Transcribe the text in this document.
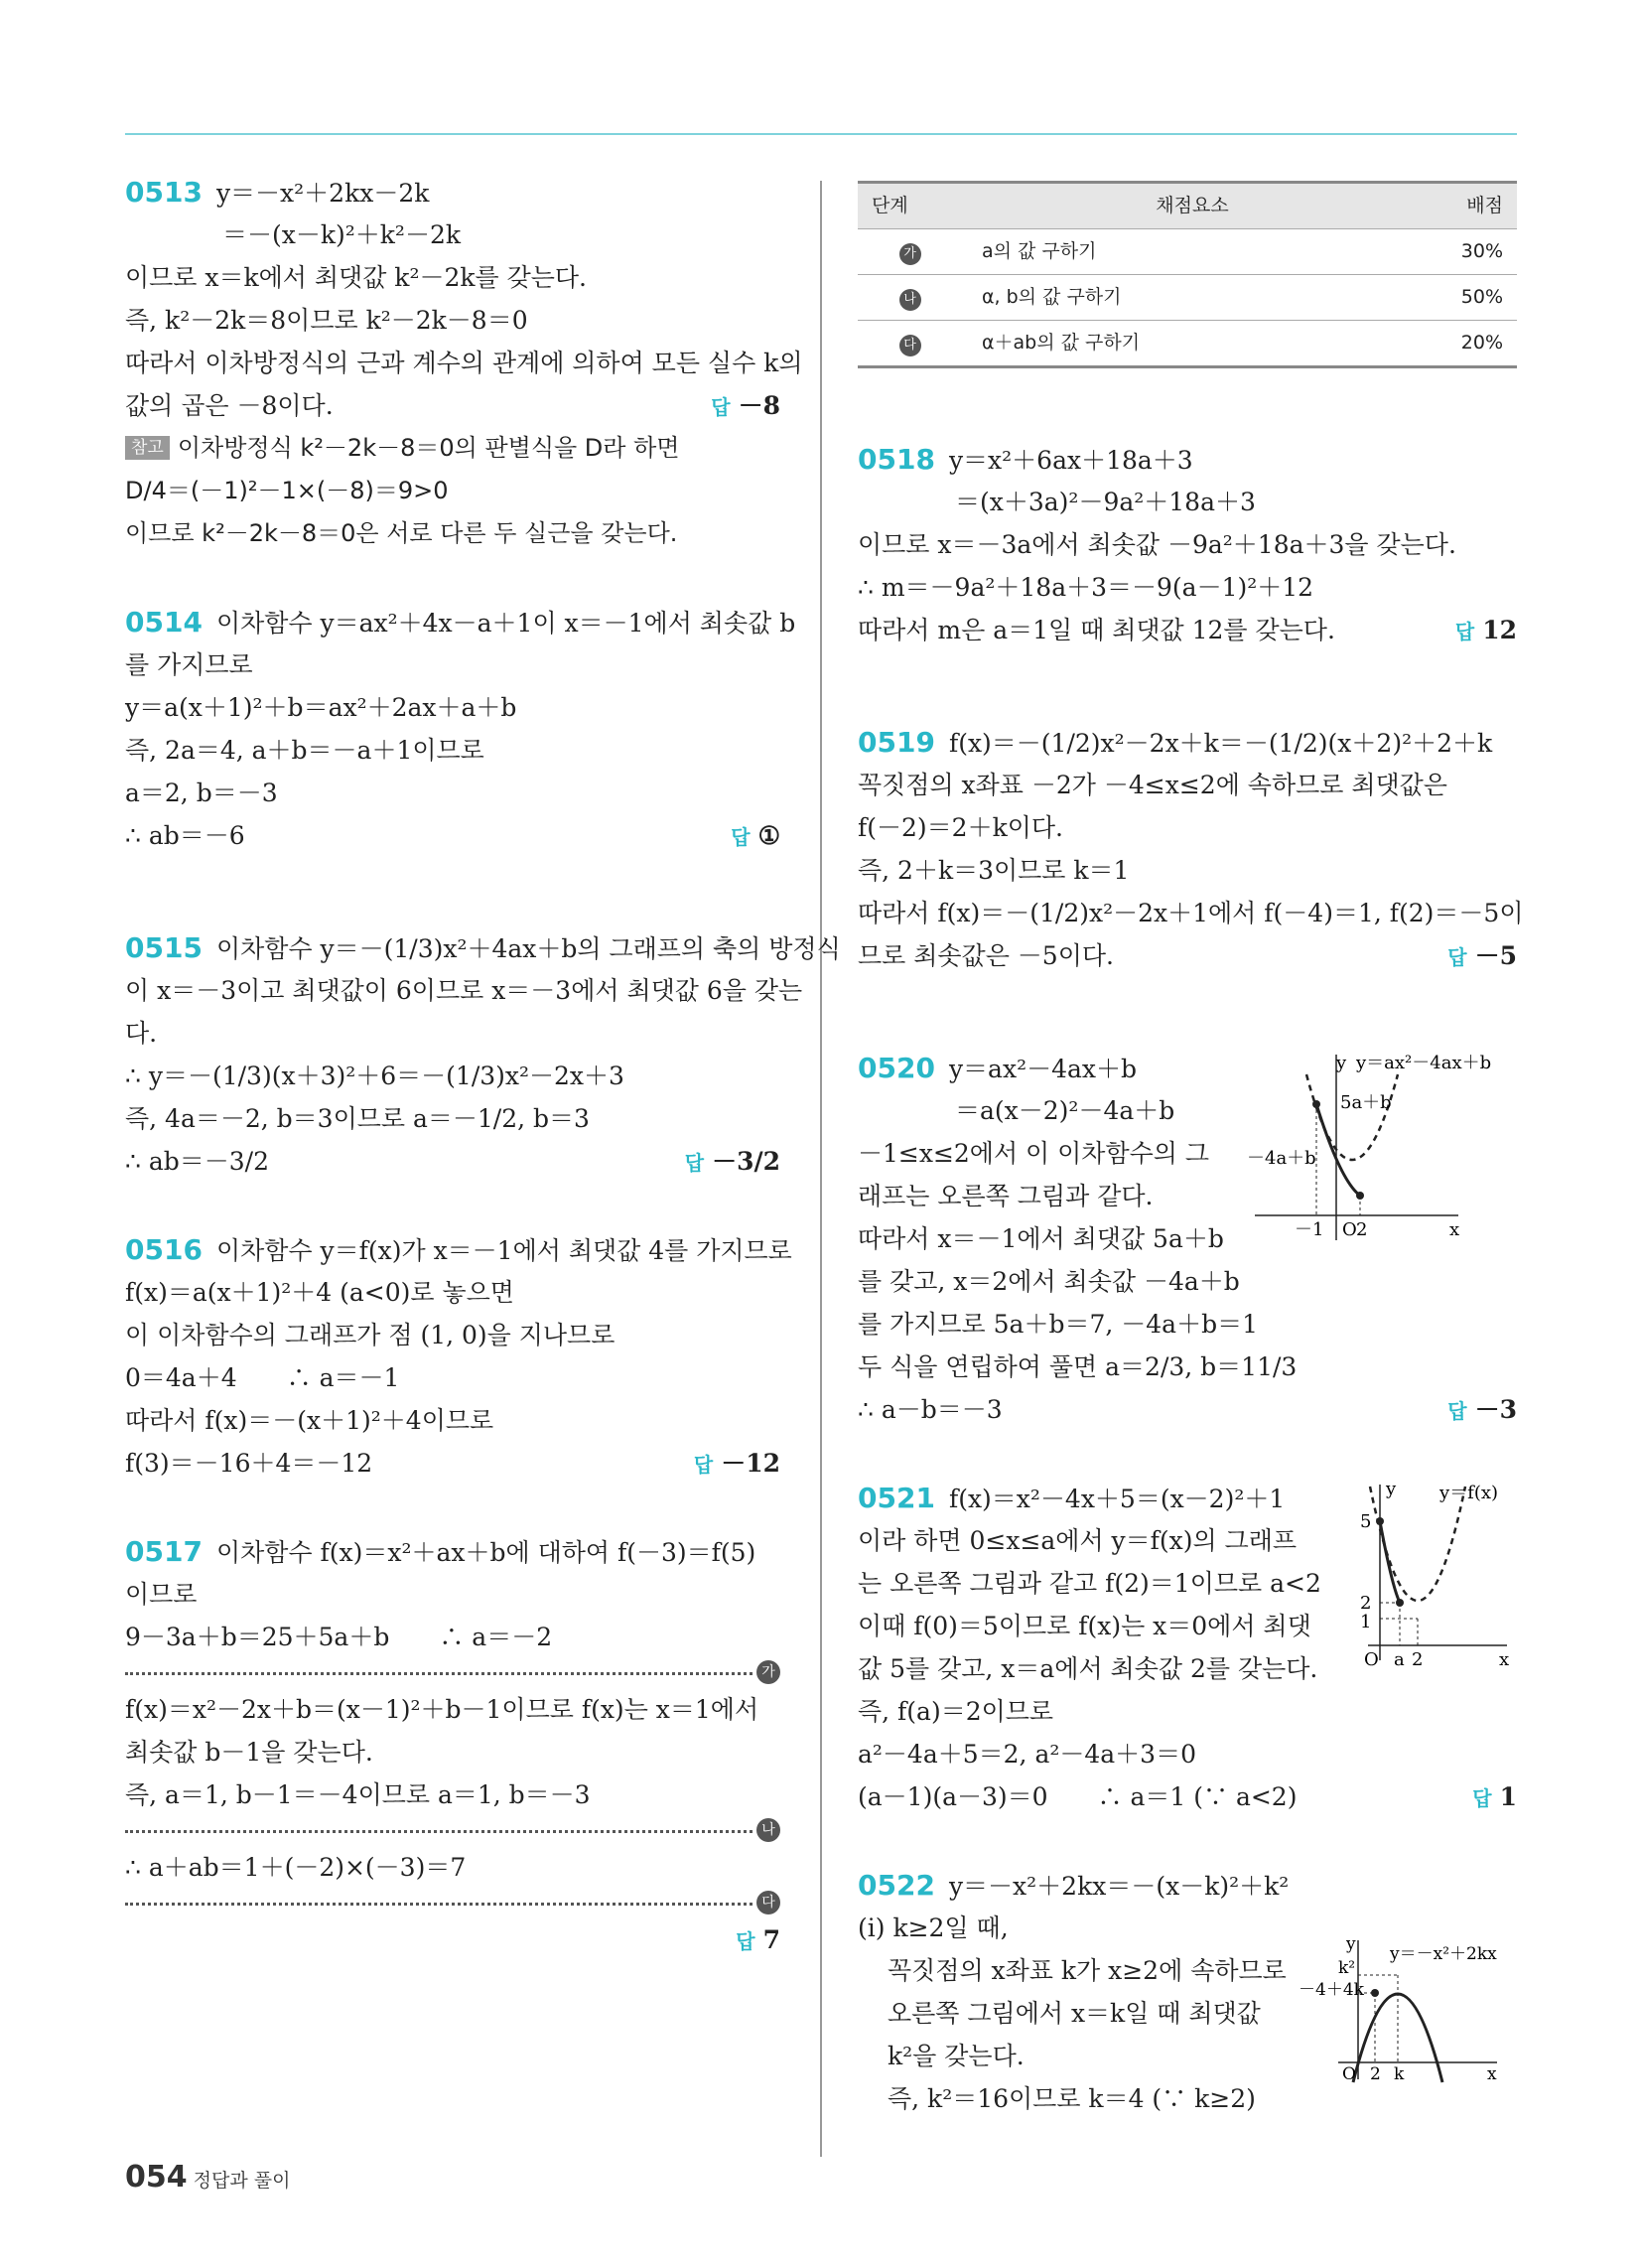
0513 y＝－x²＋2kx－2k
＝－(x－k)²＋k²－2k
이므로 x＝k에서 최댓값 k²－2k를 갖는다.
즉, k²－2k＝8이므로 k²－2k－8＝0
따라서 이차방정식의 근과 계수의 관계에 의하여 모든 실수 k의
값의 곱은 －8이다.	답 －8
참고 이차방정식 k²－2k－8＝0의 판별식을 D라 하면
D/4＝(－1)²－1×(－8)＝9>0
이므로 k²－2k－8＝0은 서로 다른 두 실근을 갖는다.
0514 이차함수 y＝ax²＋4x－a＋1이 x＝－1에서 최솟값 b
를 가지므로
y＝a(x＋1)²＋b＝ax²＋2ax＋a＋b
즉, 2a＝4, a＋b＝－a＋1이므로
a＝2, b＝－3
∴ ab＝－6	답 ①
0515 이차함수 y＝－(1/3)x²＋4ax＋b의 그래프의 축의 방정식
이 x＝－3이고 최댓값이 6이므로 x＝－3에서 최댓값 6을 갖는
다.
∴ y＝－(1/3)(x＋3)²＋6＝－(1/3)x²－2x＋3
즉, 4a＝－2, b＝3이므로 a＝－1/2, b＝3
∴ ab＝－3/2	답 －3/2
0516 이차함수 y＝f(x)가 x＝－1에서 최댓값 4를 가지므로
f(x)＝a(x＋1)²＋4 (a<0)로 놓으면
이 이차함수의 그래프가 점 (1, 0)을 지나므로
0＝4a＋4　　∴ a＝－1
따라서 f(x)＝－(x＋1)²＋4이므로
f(3)＝－16＋4＝－12	답 －12
0517 이차함수 f(x)＝x²＋ax＋b에 대하여 f(－3)＝f(5)
이므로
9－3a＋b＝25＋5a＋b　　∴ a＝－2
가
f(x)＝x²－2x＋b＝(x－1)²＋b－1이므로 f(x)는 x＝1에서
최솟값 b－1을 갖는다.
즉, a＝1, b－1＝－4이므로 a＝1, b＝－3
나
∴ a＋ab＝1＋(－2)×(－3)＝7
다
답 7
단계	채점요소	배점
가	a의 값 구하기	30%
나	α, b의 값 구하기	50%
다	α＋ab의 값 구하기	20%
0518 y＝x²＋6ax＋18a＋3
＝(x＋3a)²－9a²＋18a＋3
이므로 x＝－3a에서 최솟값 －9a²＋18a＋3을 갖는다.
∴ m＝－9a²＋18a＋3＝－9(a－1)²＋12
따라서 m은 a＝1일 때 최댓값 12를 갖는다.	답 12
0519 f(x)＝－(1/2)x²－2x＋k＝－(1/2)(x＋2)²＋2＋k
꼭짓점의 x좌표 －2가 －4≤x≤2에 속하므로 최댓값은
f(－2)＝2＋k이다.
즉, 2＋k＝3이므로 k＝1
따라서 f(x)＝－(1/2)x²－2x＋1에서 f(－4)＝1, f(2)＝－5이
므로 최솟값은 －5이다.	답 －5
0520 y＝ax²－4ax＋b
＝a(x－2)²－4a＋b
－1≤x≤2에서 이 이차함수의 그
래프는 오른쪽 그림과 같다.
따라서 x＝－1에서 최댓값 5a＋b
를 갖고, x＝2에서 최솟값 －4a＋b
를 가지므로 5a＋b＝7, －4a＋b＝1
두 식을 연립하여 풀면 a＝2/3, b＝11/3
∴ a－b＝－3	답 －3
y
x
O
y＝ax²－4ax＋b
5a＋b
－4a＋b
－1 2
0521 f(x)＝x²－4x＋5＝(x－2)²＋1
이라 하면 0≤x≤a에서 y＝f(x)의 그래프
는 오른쪽 그림과 같고 f(2)＝1이므로 a<2
이때 f(0)＝5이므로 f(x)는 x＝0에서 최댓
값 5를 갖고, x＝a에서 최솟값 2를 갖는다.
즉, f(a)＝2이므로
a²－4a＋5＝2, a²－4a＋3＝0
(a－1)(a－3)＝0　　∴ a＝1 (∵ a<2)	답 1
y
x
O
y＝f(x)
5
2
1
a 2
0522 y＝－x²＋2kx＝－(x－k)²＋k²
(i) k≥2일 때,
꼭짓점의 x좌표 k가 x≥2에 속하므로
오른쪽 그림에서 x＝k일 때 최댓값
k²을 갖는다.
즉, k²＝16이므로 k＝4 (∵ k≥2)
y
x
O
y＝－x²＋2kx
k²
－4＋4k
2 k
054 정답과 풀이
